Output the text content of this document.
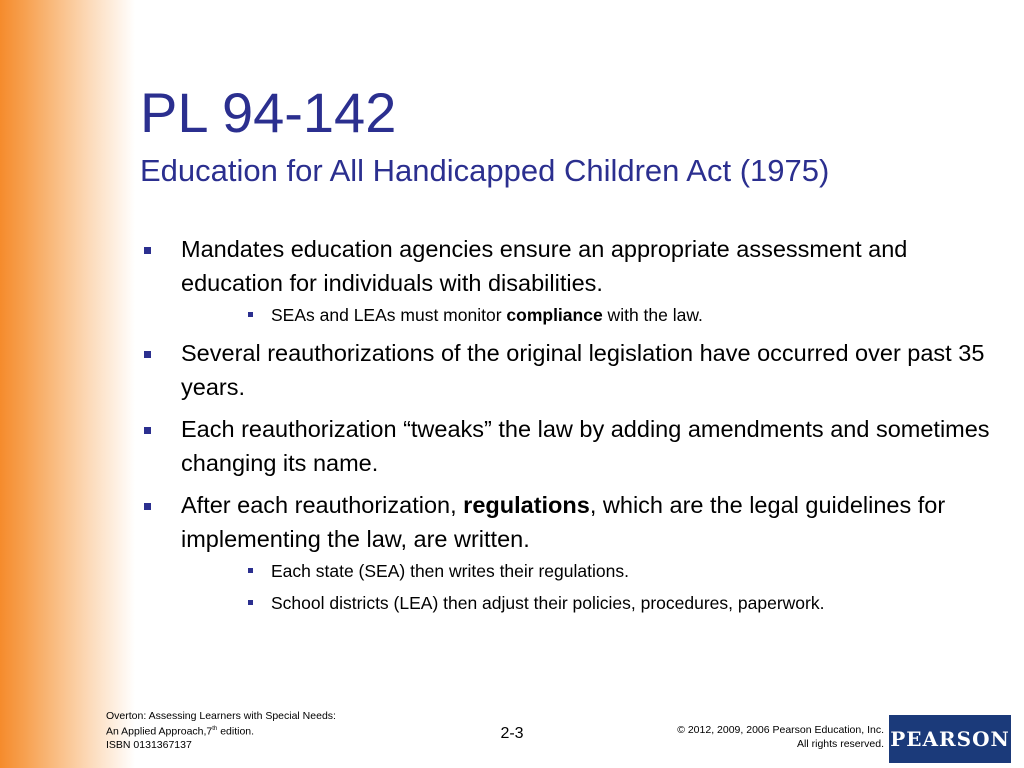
PL 94-142
Education for All Handicapped Children Act (1975)
Mandates education agencies ensure an appropriate assessment and education for individuals with disabilities.
SEAs and LEAs must monitor compliance with the law.
Several reauthorizations of the original legislation have occurred over past 35 years.
Each reauthorization “tweaks” the law by adding amendments and sometimes changing its name.
After each reauthorization, regulations, which are the legal guidelines for implementing the law, are written.
Each state (SEA) then writes their regulations.
School districts (LEA) then adjust their policies, procedures, paperwork.
Overton: Assessing Learners with Special Needs:
An Applied Approach,7th edition.
ISBN 0131367137
2-3	© 2012, 2009, 2006 Pearson Education, Inc.
All rights reserved. PEARSON
